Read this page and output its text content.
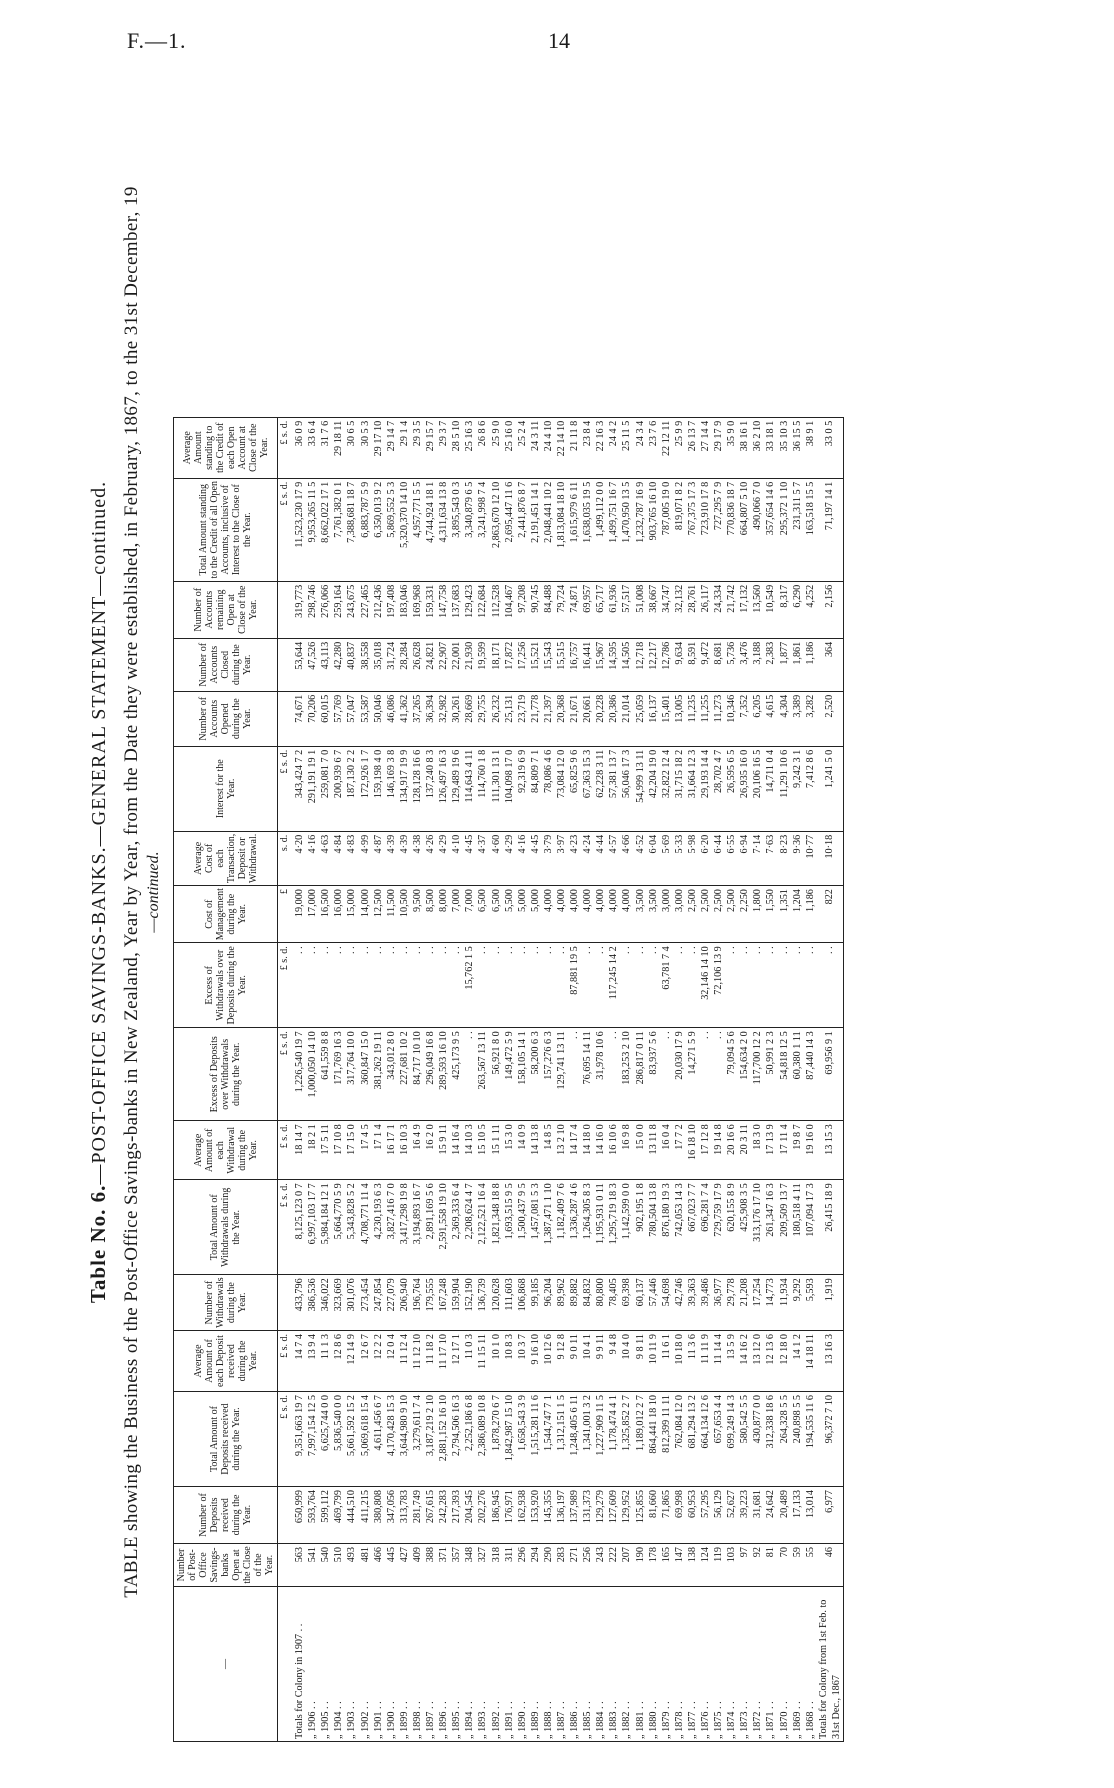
F.—1.	14
Table No. 6.—POST-OFFICE SAVINGS-BANKS.—GENERAL STATEMENT—continued. TABLE showing the Business of the Post-Office Savings-banks in New Zealand, Year by Year, from the Date they were established, in February, 1867, to the 31st December, 19 —continued.
—	Number of Post-Office Savings-banks Open at the Close of the Year.	Number of Deposits received during the Year.	Total Amount of Deposits received during the Year.	Average Amount of each Deposit received during the Year.	Number of Withdrawals during the Year.	Total Amount of Withdrawals during the Year.	Average Amount of each Withdrawal during the Year.	Excess of Deposits over Withdrawals during the Year.	Excess of Withdrawals over Deposits during the Year.	Cost of Management during the Year.	Average Cost of each Transaction, Deposit or Withdrawal.	Interest for the Year.	Number of Accounts Opened during the Year.	Number of Accounts Closed during the Year.	Number of Accounts remaining Open at Close of the Year.	Total Amount standing to the Credit of all Open Accounts, inclusive of Interest to the Close of the Year.	Average Amount standing to the Credit of each Open Account at Close of the Year.
			£ s. d.	£ s. d.		£ s. d.	£ s. d.	£ s. d.	£ s. d.	£	s. d.	£ s. d.				£ s. d.	£ s. d.
Totals for Colony in 1907 . .	563	650,999	9,351,663 19 7	14 7 4	433,796	8,125,123 0 7	18 14 7	1,226,540 19 7	. .	19,000	4·20	343,424 7 2	74,671	53,644	319,773	11,523,230 17 9	36 0 9
„ 1906 . .	541	593,764	7,997,154 12 5	13 9 4	386,536	6,997,103 17 7	18 2 1	1,000,050 14 10	. .	17,000	4·16	291,191 19 1	70,206	47,526	298,746	9,953,265 11 5	33 6 4
„ 1905 . .	540	599,112	6,625,744 0 0	11 1 3	346,022	5,984,184 12 1	17 5 11	641,559 8 8	. .	16,500	4·63	259,081 7 0	60,015	43,113	276,066	8,662,022 17 1	31 7 6
„ 1904 . .	510	469,799	5,836,540 0 0	12 8 6	323,669	5,664,770 5 9	17 10 8	171,769 16 3	. .	16,000	4·84	200,939 6 7	57,769	42,280	259,164	7,761,382 0 1	29 18 11
„ 1903 . .	493	444,510	5,661,592 15 2	12 14 9	301,076	5,343,828 5 2	17 15 0	317,764 10 0	. .	15,000	4·83	187,130 2 2	57,047	40,837	243,675	7,388,681 18 7	30 6 5
„ 1902 . .	481	411,215	5,069,618 15 4	12 6 7	273,454	4,708,771 11 4	17 4 5	360,847 15 0	. .	14,000	4·99	172,926 1 7	53,587	38,558	227,465	6,883,787 5 9	30 5 3
„ 1901 . .	466	380,808	4,611,456 6 7	12 2 2	247,854	4,230,193 6 3	17 1 4	381,262 19 11	. .	12,500	4·87	159,198 4 0	50,046	35,018	212,436	6,350,013 9 2	29 17 10
„ 1900 . .	445	347,056	4,170,428 15 3	12 0 4	227,079	3,827,416 7 0	16 17 1	343,012 8 0	. .	11,500	4·39	146,169 3 8	46,086	31,724	197,408	5,869,552 5 3	29 14 7
„ 1899 . .	427	313,783	3,644,980 9 10	11 12 4	206,940	3,417,298 19 8	16 10 3	227,681 10 2	. .	10,500	4·39	134,917 19 9	41,362	28,284	183,046	5,320,370 14 10	29 1 4
„ 1898 . .	409	281,749	3,279,611 7 4	11 12 10	196,764	3,194,893 16 7	16 4 9	84,717 10 10	. .	9,500	4·38	128,128 16 6	37,265	26,628	169,968	4,957,771 5 5	29 3 5
„ 1897 . .	388	267,615	3,187,219 2 10	11 18 2	179,555	2,891,169 5 6	16 2 0	296,049 16 8	. .	8,500	4·26	137,240 8 3	36,394	24,821	159,331	4,744,924 18 1	29 15 7
„ 1896 . .	371	242,283	2,881,152 16 10	11 17 10	167,248	2,591,558 19 10	15 9 11	289,593 16 10	. .	8,000	4·29	126,497 16 3	32,982	22,907	147,758	4,311,634 13 8	29 3 7
„ 1895 . .	357	217,393	2,794,506 16 3	12 17 1	159,904	2,369,333 6 4	14 16 4	425,173 9 5	. .	7,000	4·10	129,489 19 6	30,261	22,001	137,683	3,895,543 0 3	28 5 10
„ 1894 . .	348	204,545	2,252,186 6 8	11 0 3	152,190	2,208,624 4 7	14 10 3	. .	15,762 1 5	7,000	4·45	114,643 4 11	28,669	21,930	129,423	3,340,879 6 5	25 16 3
„ 1893 . .	327	202,276	2,386,089 10 8	11 15 11	136,739	2,122,521 16 4	15 10 5	263,567 13 11	. .	6,500	4·37	114,760 1 8	29,755	19,599	122,684	3,241,998 7 4	26 8 6
„ 1892 . .	318	186,945	1,878,270 6 7	10 1 0	120,628	1,821,348 18 8	15 1 11	56,921 8 0	. .	6,500	4·60	111,301 13 1	26,232	18,171	112,528	2,863,670 12 10	25 9 0
„ 1891 . .	311	176,971	1,842,987 15 10	10 8 3	111,603	1,693,515 9 5	15 3 0	149,472 5 9	. .	5,500	4·29	104,098 17 0	25,131	17,872	104,467	2,695,447 11 6	25 16 0
„ 1890 . .	296	162,938	1,658,543 3 9	10 3 7	106,868	1,500,437 9 5	14 0 9	158,105 14 1	. .	5,000	4·16	92,319 6 9	23,719	17,256	97,208	2,441,876 8 7	25 2 4
„ 1889 . .	294	153,920	1,515,281 11 6	9 16 10	99,185	1,457,081 5 3	14 13 8	58,200 6 3	. .	5,000	4·45	84,809 7 1	21,778	15,521	90,745	2,191,451 14 1	24 3 11
„ 1888 . .	290	145,355	1,544,747 7 1	10 12 6	96,204	1,387,471 1 10	14 8 5	157,276 6 3	. .	4,000	3·79	78,086 4 6	21,397	15,543	84,488	2,048,441 10 2	24 4 10
„ 1887 . .	283	136,197	1,312,151 1 5	9 12 8	89,962	1,182,409 7 6	13 2 10	129,741 13 11	. .	4,000	3·97	73,084 12 0	20,368	15,515	79,724	1,813,084 18 10	22 14 10
„ 1886 . .	271	137,989	1,248,405 6 11	9 0 11	89,882	1,336,287 4 6	14 17 4	. .	87,881 19 5	4,000	4·23	65,825 9 6	21,671	16,757	74,871	1,615,979 6 11	21 11 8
„ 1885 . .	256	131,373	1,341,001 3 2	10 4 1	84,832	1,264,305 8 3	14 18 0	76,695 14 11	. .	4,000	4·24	67,363 15 3	20,661	16,441	69,957	1,638,035 19 5	23 8 4
„ 1884 . .	243	129,279	1,227,909 11 5	9 9 11	80,800	1,195,931 0 11	14 16 0	31,978 10 6	. .	4,000	4·44	62,228 3 11	20,228	15,967	65,717	1,499,112 0 0	22 16 3
„ 1883 . .	222	127,609	1,178,474 4 1	9 4 8	78,405	1,295,719 18 3	16 10 6	. .	117,245 14 2	4,000	4·57	57,381 13 7	20,386	14,595	61,936	1,499,751 16 7	24 4 2
„ 1882 . .	207	129,952	1,325,852 2 7	10 4 0	69,398	1,142,599 0 0	16 9 8	183,253 2 10	. .	4,000	4·66	56,046 17 3	21,014	14,505	57,517	1,470,950 13 5	25 11 5
„ 1881 . .	190	125,855	1,189,012 2 7	9 8 11	60,137	902,195 1 8	15 0 0	286,817 0 11	. .	3,500	4·52	54,999 13 11	25,059	12,718	51,008	1,232,787 16 9	24 3 4
„ 1880 . .	178	81,660	864,441 18 10	10 11 9	57,446	780,504 13 8	13 11 8	83,937 5 6	. .	3,500	6·04	42,204 19 0	16,137	12,217	38,667	903,765 16 10	23 7 6
„ 1879 . .	165	71,865	812,399 11 11	11 6 1	54,698	876,180 19 3	16 0 4	. .	63,781 7 4	3,000	5·69	32,822 12 4	15,401	12,786	34,747	787,005 19 0	22 12 11
„ 1878 . .	147	69,998	762,084 12 0	10 18 0	42,746	742,053 14 3	17 7 2	20,030 17 9	. .	3,000	5·33	31,715 18 2	13,005	9,634	32,132	819,071 8 2	25 9 9
„ 1877 . .	138	60,953	681,294 13 2	11 3 6	39,363	667,023 7 7	16 18 10	14,271 5 9	. .	2,500	5·98	31,664 12 3	11,235	8,591	28,761	767,375 17 3	26 13 7
„ 1876 . .	124	57,295	664,134 12 6	11 11 9	39,486	696,281 7 4	17 12 8	. .	32,146 14 10	2,500	6·20	29,193 14 4	11,255	9,472	26,117	723,910 17 8	27 14 4
„ 1875 . .	119	56,129	657,653 4 4	11 14 4	36,977	729,759 17 9	19 14 8	. .	72,106 13 9	2,500	6·44	28,702 4 7	11,273	8,681	24,334	727,295 7 9	29 17 9
„ 1874 . .	103	52,627	699,249 14 3	13 5 9	29,778	620,155 8 9	20 16 6	79,094 5 6	. .	2,500	6·55	26,595 6 5	10,346	5,736	21,742	770,836 18 7	35 9 0
„ 1873 . .	97	39,223	580,542 5 5	14 16 2	21,208	425,908 3 5	20 3 11	154,634 2 0	. .	2,250	6·94	26,935 16 0	7,352	3,476	17,132	664,807 5 10	38 16 1
„ 1872 . .	92	31,681	430,877 0 0	13 12 0	17,254	313,176 17 10	18 3 0	117,700 12 2	. .	1,800	7·14	20,106 16 5	6,205	3,188	13,560	490,066 7 0	36 2 10
„ 1871 . .	81	24,642	312,338 18 6	12 13 6	14,773	261,347 16 3	17 13 9	50,991 2 3	. .	1,550	7·63	14,711 0 4	4,615	2,383	10,549	357,654 14 6	33 18 1
„ 1870 . .	70	20,489	264,328 5 5	12 18 0	11,934	209,509 13 7	17 11 4	54,818 12 5	. .	1,351	8·23	11,291 10 6	4,304	1,877	8,317	295,372 1 10	35 10 3
„ 1869 . .	59	17,133	240,898 5 5	14 1 2	9,292	180,518 4 11	19 8 7	60,380 1 11	. .	1,204	9·36	9,242 3 1	3,389	1,861	6,290	231,311 5 7	36 15 5
„ 1868 . .	55	13,014	194,535 11 6	14 18 11	5,593	107,094 17 3	19 16 0	87,440 14 3	. .	1,186	10·77	7,412 8 6	3,282	1,186	4,252	163,518 15 5	38 9 1
Totals for Colony from 1st Feb. to 31st Dec., 1867	46	6,977	96,372 7 10	13 16 3	1,919	26,415 18 9	13 15 3	69,956 9 1	. .	822	10·18	1,241 5 0	2,520	364	2,156	71,197 14 1	33 0 5
